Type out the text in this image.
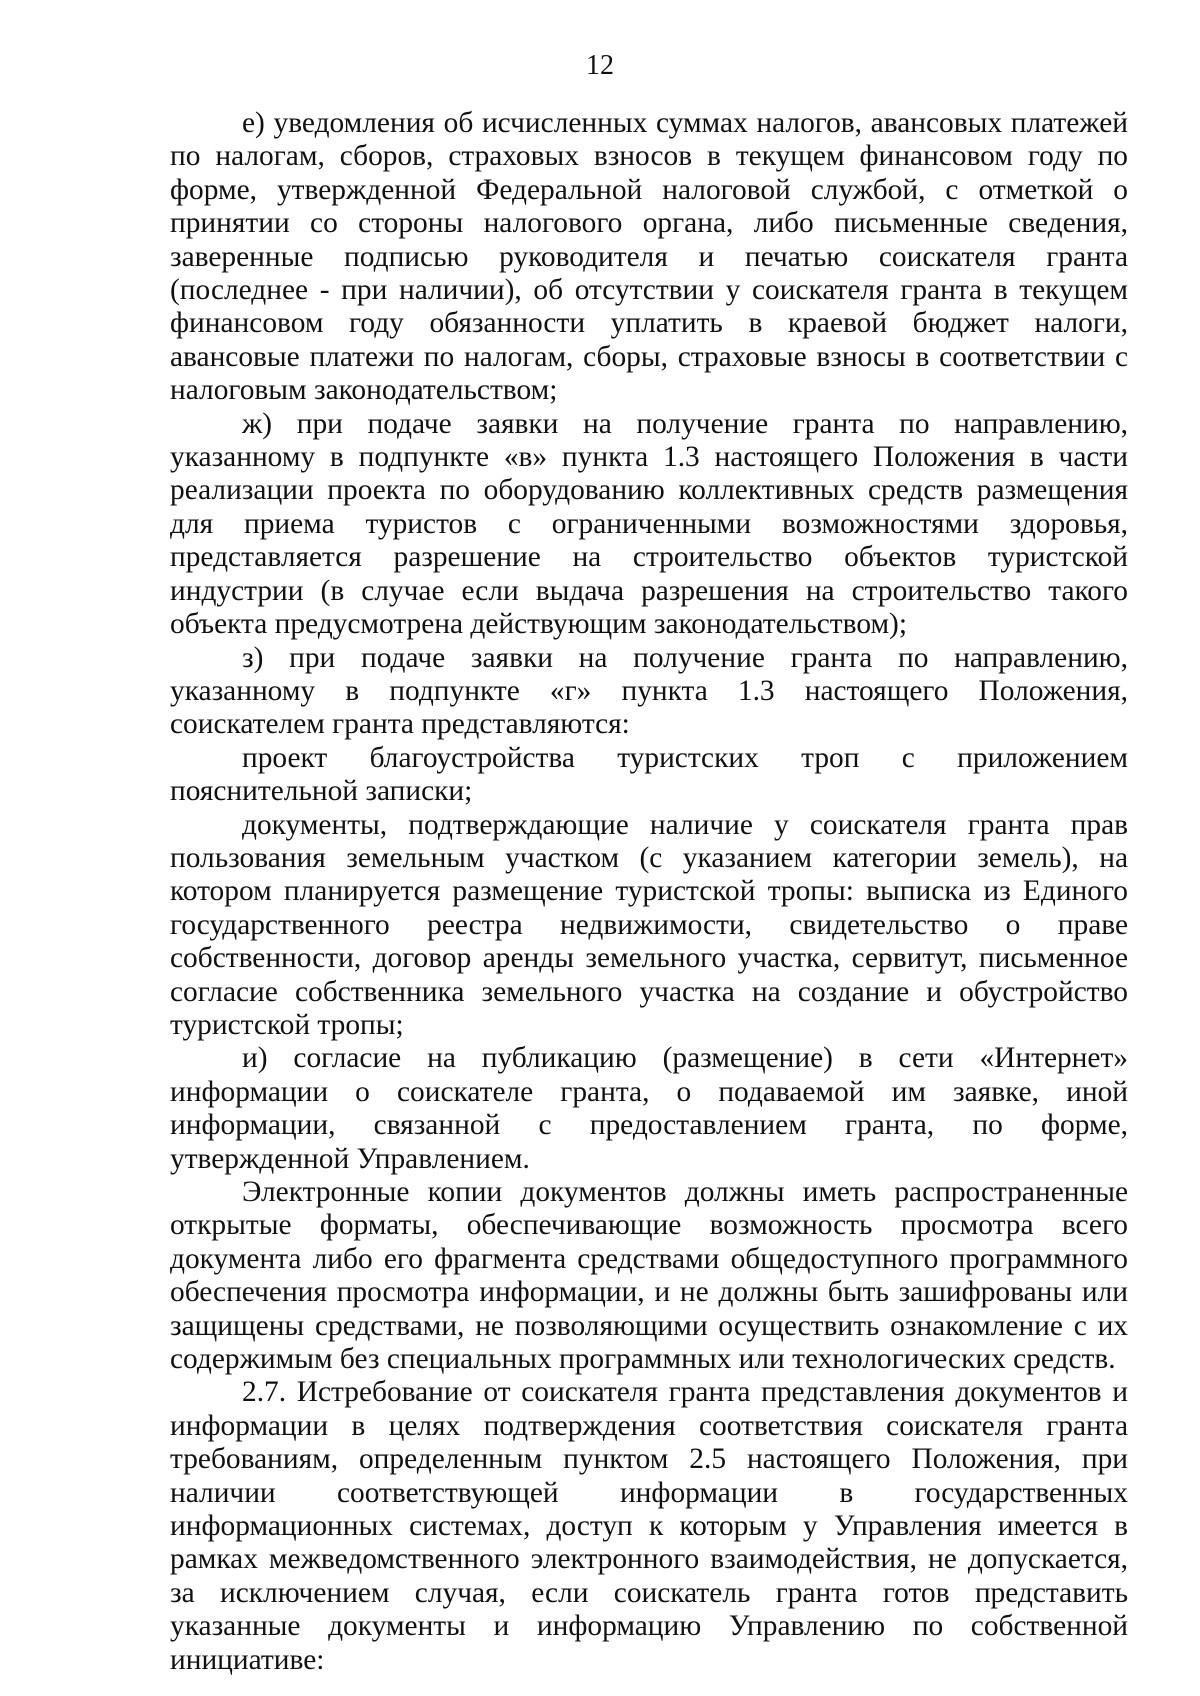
12

е) уведомления об исчисленных суммах налогов, авансовых платежей по налогам, сборов, страховых взносов в текущем финансовом году по форме, утвержденной Федеральной налоговой службой, с отметкой о принятии со стороны налогового органа, либо письменные сведения, заверенные подписью руководителя и печатью соискателя гранта (последнее - при наличии), об отсутствии у соискателя гранта в текущем финансовом году обязанности уплатить в краевой бюджет налоги, авансовые платежи по налогам, сборы, страховые взносы в соответствии с налоговым законодательством;

ж) при подаче заявки на получение гранта по направлению, указанному в подпункте «в» пункта 1.3 настоящего Положения в части реализации проекта по оборудованию коллективных средств размещения для приема туристов с ограниченными возможностями здоровья, представляется разрешение на строительство объектов туристской индустрии (в случае если выдача разрешения на строительство такого объекта предусмотрена действующим законодательством);

з) при подаче заявки на получение гранта по направлению, указанному в подпункте «г» пункта 1.3 настоящего Положения, соискателем гранта представляются:

проект благоустройства туристских троп с приложением пояснительной записки;

документы, подтверждающие наличие у соискателя гранта прав пользования земельным участком (с указанием категории земель), на котором планируется размещение туристской тропы: выписка из Единого государственного реестра недвижимости, свидетельство о праве собственности, договор аренды земельного участка, сервитут, письменное согласие собственника земельного участка на создание и обустройство туристской тропы;

и) согласие на публикацию (размещение) в сети «Интернет» информации о соискателе гранта, о подаваемой им заявке, иной информации, связанной с предоставлением гранта, по форме, утвержденной Управлением.

Электронные копии документов должны иметь распространенные открытые форматы, обеспечивающие возможность просмотра всего документа либо его фрагмента средствами общедоступного программного обеспечения просмотра информации, и не должны быть зашифрованы или защищены средствами, не позволяющими осуществить ознакомление с их содержимым без специальных программных или технологических средств.

2.7. Истребование от соискателя гранта представления документов и информации в целях подтверждения соответствия соискателя гранта требованиям, определенным пунктом 2.5 настоящего Положения, при наличии соответствующей информации в государственных информационных системах, доступ к которым у Управления имеется в рамках межведомственного электронного взаимодействия, не допускается, за исключением случая, если соискатель гранта готов представить указанные документы и информацию Управлению по собственной инициативе:
